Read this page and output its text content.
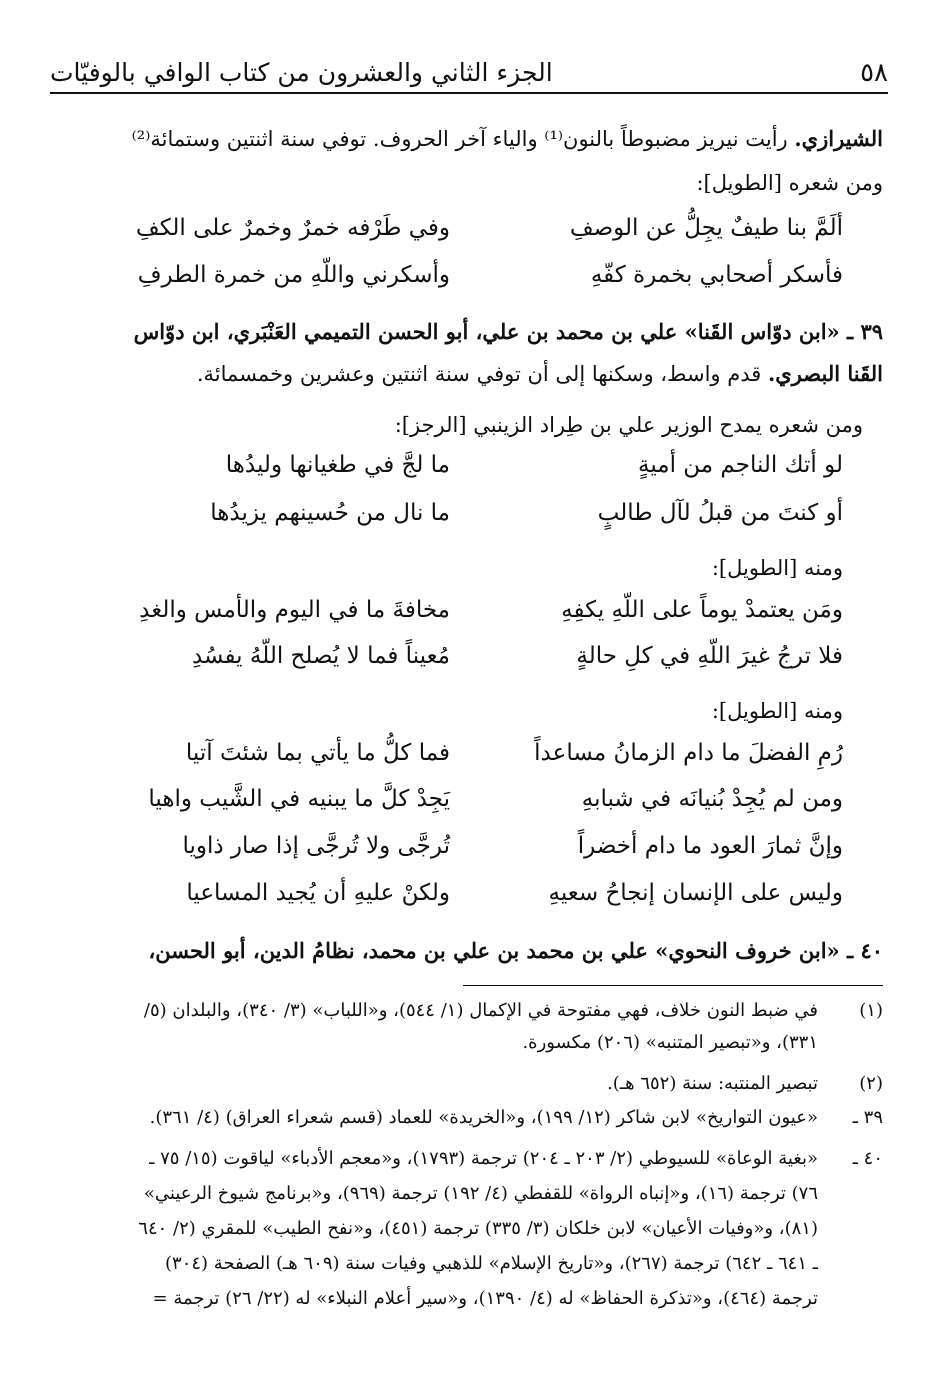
٥٨
الجزء الثاني والعشرون من كتاب الوافي بالوفيّات
الشيرازي. رأيت نيريز مضبوطاً بالنون⁽¹⁾ والياء آخر الحروف. توفي سنة اثنتين وستمائة⁽²⁾
ومن شعره [الطويل]:
ألَمَّ بنا طيفٌ يجِلُّ عن الوصفِ
وفي طَرْفه خمرٌ وخمرٌ على الكفِ
فأسكر أصحابي بخمرة كفّهِ
وأسكرني واللّهِ من خمرة الطرفِ
٣٩ ـ «ابن دوّاس القَنا» علي بن محمد بن علي، أبو الحسن التميمي العَنْبَري، ابن دوّاس
القَنا البصري. قدم واسط، وسكنها إلى أن توفي سنة اثنتين وعشرين وخمسمائة.
ومن شعره يمدح الوزير علي بن طِراد الزينبي [الرجز]:
لو أتك الناجم من أميةٍ
ما لجَّ في طغيانها وليدُها
أو كنتَ من قبلُ لآل طالبٍ
ما نال من حُسينهم يزيدُها
ومنه [الطويل]:
ومَن يعتمدْ يوماً على اللّهِ يكفِهِ
مخافةَ ما في اليوم والأمس والغدِ
فلا ترجُ غيرَ اللّهِ في كلِ حالةٍ
مُعيناً فما لا يُصلح اللّهُ يفسُدِ
ومنه [الطويل]:
رُمِ الفضلَ ما دام الزمانُ مساعداً
فما كلُّ ما يأتي بما شئتَ آتيا
ومن لم يُجِدْ بُنيانَه في شبابهِ
يَجِدْ كلَّ ما يبنيه في الشَّيب واهيا
وإنَّ ثمارَ العود ما دام أخضراً
تُرجَّى ولا تُرجَّى إذا صار ذاويا
وليس على الإنسان إنجاحُ سعيهِ
ولكنْ عليهِ أن يُجيد المساعيا
٤٠ ـ «ابن خروف النحوي» علي بن محمد بن علي بن محمد، نظامُ الدين، أبو الحسن،
(١)
في ضبط النون خلاف، فهي مفتوحة في الإكمال (١/ ٥٤٤)، و«اللباب» (٣/ ٣٤٠)، والبلدان (٥/
٣٣١)، و«تبصير المتنبه» (٢٠٦) مكسورة.
(٢)
تبصير المنتبه: سنة (٦٥٢ هـ).
٣٩ ـ
«عيون التواريخ» لابن شاكر (١٢/ ١٩٩)، و«الخريدة» للعماد (قسم شعراء العراق) (٤/ ٣٦١).
٤٠ ـ
«بغية الوعاة» للسيوطي (٢/ ٢٠٣ ـ ٢٠٤) ترجمة (١٧٩٣)، و«معجم الأدباء» لياقوت (١٥/ ٧٥ ـ
٧٦) ترجمة (١٦)، و«إنباه الرواة» للقفطي (٤/ ١٩٢) ترجمة (٩٦٩)، و«برنامج شيوخ الرعيني»
(٨١)، و«وفيات الأعيان» لابن خلكان (٣/ ٣٣٥) ترجمة (٤٥١)، و«نفح الطيب» للمقري (٢/ ٦٤٠
ـ ٦٤١ ـ ٦٤٢) ترجمة (٢٦٧)، و«تاريخ الإسلام» للذهبي وفيات سنة (٦٠٩ هـ) الصفحة (٣٠٤)
ترجمة (٤٦٤)، و«تذكرة الحفاظ» له (٤/ ١٣٩٠)، و«سير أعلام النبلاء» له (٢٢/ ٢٦) ترجمة =
